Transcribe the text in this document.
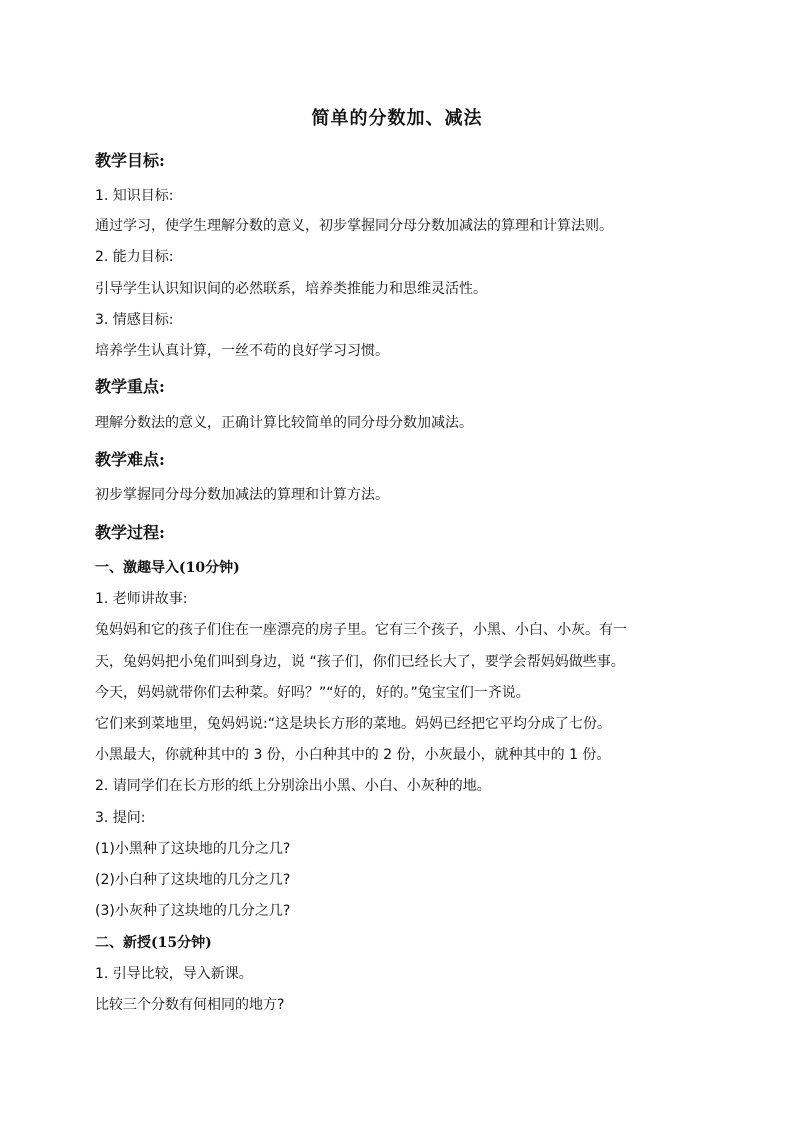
简单的分数加、减法
教学目标:
1. 知识目标:
通过学习，使学生理解分数的意义，初步掌握同分母分数加减法的算理和计算法则。
2. 能力目标:
引导学生认识知识间的必然联系，培养类推能力和思维灵活性。
3. 情感目标:
培养学生认真计算，一丝不苟的良好学习习惯。
教学重点:
理解分数法的意义，正确计算比较简单的同分母分数加减法。
教学难点:
初步掌握同分母分数加减法的算理和计算方法。
教学过程:
一、激趣导入(10分钟)
1. 老师讲故事:
兔妈妈和它的孩子们住在一座漂亮的房子里。它有三个孩子，小黑、小白、小灰。有一
天，兔妈妈把小兔们叫到身边，说 “孩子们，你们已经长大了，要学会帮妈妈做些事。
今天，妈妈就带你们去种菜。好吗？”“好的，好的。”兔宝宝们一齐说。
它们来到菜地里，兔妈妈说:“这是块长方形的菜地。妈妈已经把它平均分成了七份。
小黑最大，你就种其中的 3 份，小白种其中的 2 份，小灰最小，就种其中的 1 份。
2. 请同学们在长方形的纸上分别涂出小黑、小白、小灰种的地。
3. 提问:
(1)小黑种了这块地的几分之几?
(2)小白种了这块地的几分之几?
(3)小灰种了这块地的几分之几?
二、新授(15分钟)
1. 引导比较，导入新课。
比较三个分数有何相同的地方?
